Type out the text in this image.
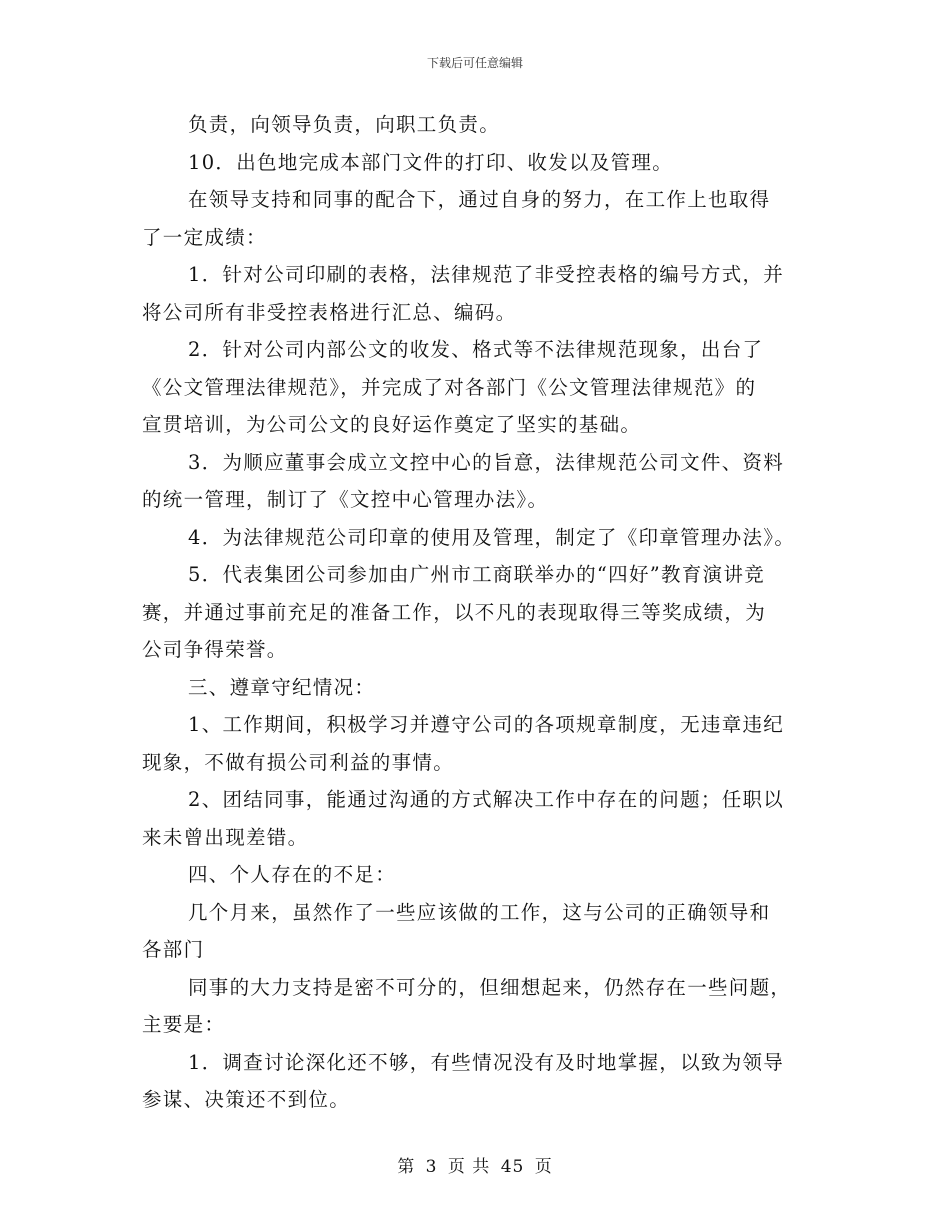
下载后可任意编辑
负责，向领导负责，向职工负责。
10．出色地完成本部门文件的打印、收发以及管理。
在领导支持和同事的配合下，通过自身的努力，在工作上也取得
了一定成绩：
1．针对公司印刷的表格，法律规范了非受控表格的编号方式，并
将公司所有非受控表格进行汇总、编码。
2．针对公司内部公文的收发、格式等不法律规范现象，出台了
《公文管理法律规范》，并完成了对各部门《公文管理法律规范》的
宣贯培训，为公司公文的良好运作奠定了坚实的基础。
3．为顺应董事会成立文控中心的旨意，法律规范公司文件、资料
的统一管理，制订了《文控中心管理办法》。
4．为法律规范公司印章的使用及管理，制定了《印章管理办法》。
5．代表集团公司参加由广州市工商联举办的“四好”教育演讲竞
赛，并通过事前充足的准备工作，以不凡的表现取得三等奖成绩，为
公司争得荣誉。
三、遵章守纪情况：
1、工作期间，积极学习并遵守公司的各项规章制度，无违章违纪
现象，不做有损公司利益的事情。
2、团结同事，能通过沟通的方式解决工作中存在的问题；任职以
来未曾出现差错。
四、个人存在的不足：
几个月来，虽然作了一些应该做的工作，这与公司的正确领导和
各部门
同事的大力支持是密不可分的，但细想起来，仍然存在一些问题，
主要是：
1．调查讨论深化还不够，有些情况没有及时地掌握，以致为领导
参谋、决策还不到位。
第 3 页 共 45 页
